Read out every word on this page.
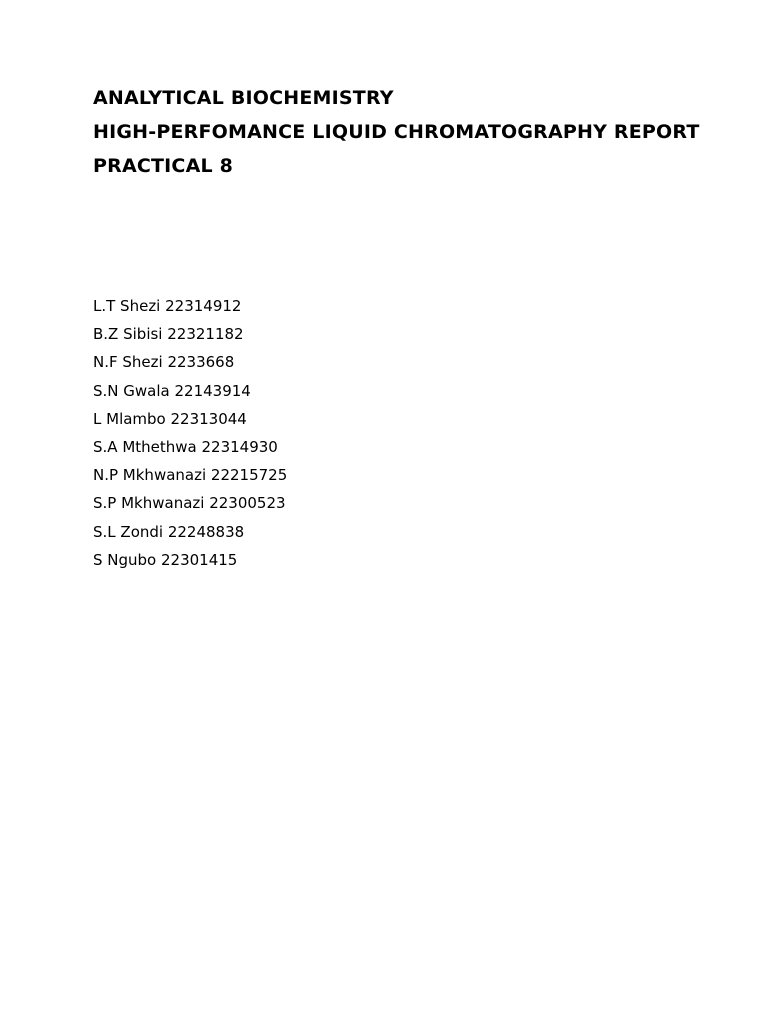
ANALYTICAL BIOCHEMISTRY

HIGH-PERFOMANCE LIQUID CHROMATOGRAPHY REPORT

PRACTICAL 8

L.T Shezi 22314912
B.Z Sibisi 22321182
N.F Shezi 2233668
S.N Gwala 22143914
L Mlambo 22313044
S.A Mthethwa 22314930
N.P Mkhwanazi 22215725
S.P Mkhwanazi 22300523
S.L Zondi 22248838
S Ngubo 22301415
